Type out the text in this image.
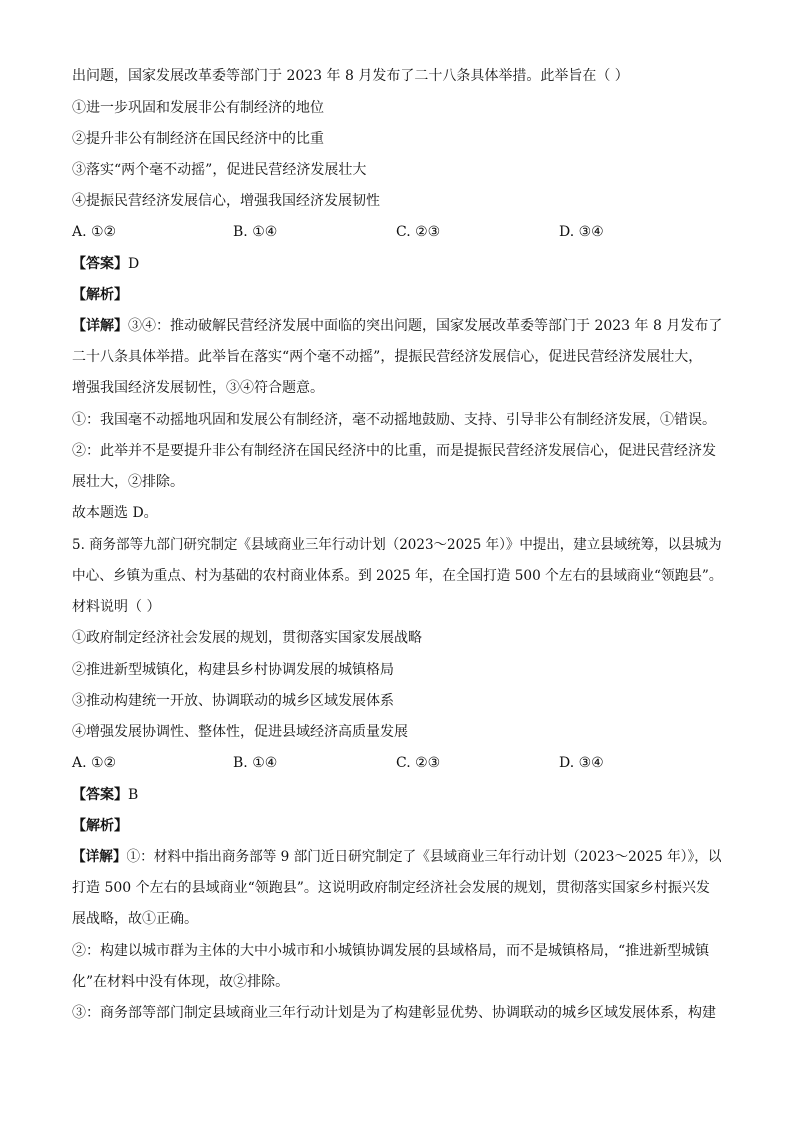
出问题，国家发展改革委等部门于 2023 年 8 月发布了二十八条具体举措。此举旨在（ ）
①进一步巩固和发展非公有制经济的地位
②提升非公有制经济在国民经济中的比重
③落实“两个毫不动摇”，促进民营经济发展壮大
④提振民营经济发展信心，增强我国经济发展韧性
A. ①②	B. ①④	C. ②③	D. ③④
【答案】D
【解析】
【详解】③④：推动破解民营经济发展中面临的突出问题，国家发展改革委等部门于 2023 年 8 月发布了
二十八条具体举措。此举旨在落实“两个毫不动摇”，提振民营经济发展信心，促进民营经济发展壮大，
增强我国经济发展韧性，③④符合题意。
①：我国毫不动摇地巩固和发展公有制经济，毫不动摇地鼓励、支持、引导非公有制经济发展，①错误。
②：此举并不是要提升非公有制经济在国民经济中的比重，而是提振民营经济发展信心，促进民营经济发
展壮大，②排除。
故本题选 D。
5. 商务部等九部门研究制定《县域商业三年行动计划（2023～2025 年）》中提出，建立县域统筹，以县城为
中心、乡镇为重点、村为基础的农村商业体系。到 2025 年，在全国打造 500 个左右的县域商业“领跑县”。
材料说明（ ）
①政府制定经济社会发展的规划，贯彻落实国家发展战略
②推进新型城镇化，构建县乡村协调发展的城镇格局
③推动构建统一开放、协调联动的城乡区域发展体系
④增强发展协调性、整体性，促进县域经济高质量发展
A. ①②	B. ①④	C. ②③	D. ③④
【答案】B
【解析】
【详解】①：材料中指出商务部等 9 部门近日研究制定了《县域商业三年行动计划（2023～2025 年）》，以
打造 500 个左右的县域商业“领跑县”。这说明政府制定经济社会发展的规划，贯彻落实国家乡村振兴发
展战略，故①正确。
②：构建以城市群为主体的大中小城市和小城镇协调发展的县域格局，而不是城镇格局，“推进新型城镇
化”在材料中没有体现，故②排除。
③：商务部等部门制定县域商业三年行动计划是为了构建彰显优势、协调联动的城乡区域发展体系，构建
